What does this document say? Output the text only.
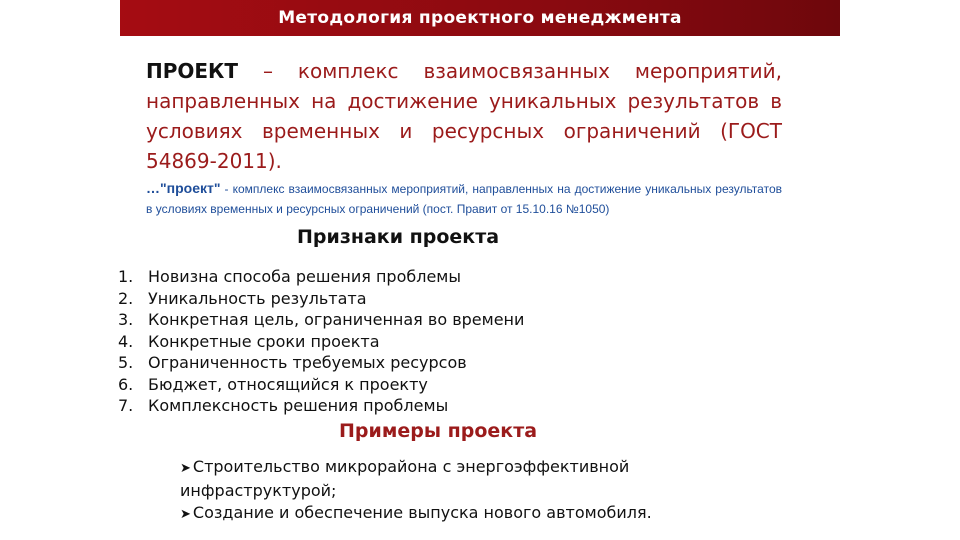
Методология проектного менеджмента
ПРОЕКТ – комплекс взаимосвязанных мероприятий, направленных на достижение уникальных результатов в условиях временных и ресурсных ограничений (ГОСТ 54869-2011).
…"проект" - комплекс взаимосвязанных мероприятий, направленных на достижение уникальных результатов в условиях временных и ресурсных ограничений (пост. Правит от 15.10.16 №1050)
Признаки проекта
1. Новизна способа решения проблемы
2. Уникальность результата
3. Конкретная цель, ограниченная во времени
4. Конкретные сроки проекта
5. Ограниченность требуемых ресурсов
6. Бюджет, относящийся к проекту
7. Комплексность решения проблемы
Примеры проекта
➤ Строительство микрорайона с энергоэффективной инфраструктурой;
➤ Создание и обеспечение выпуска нового автомобиля.
